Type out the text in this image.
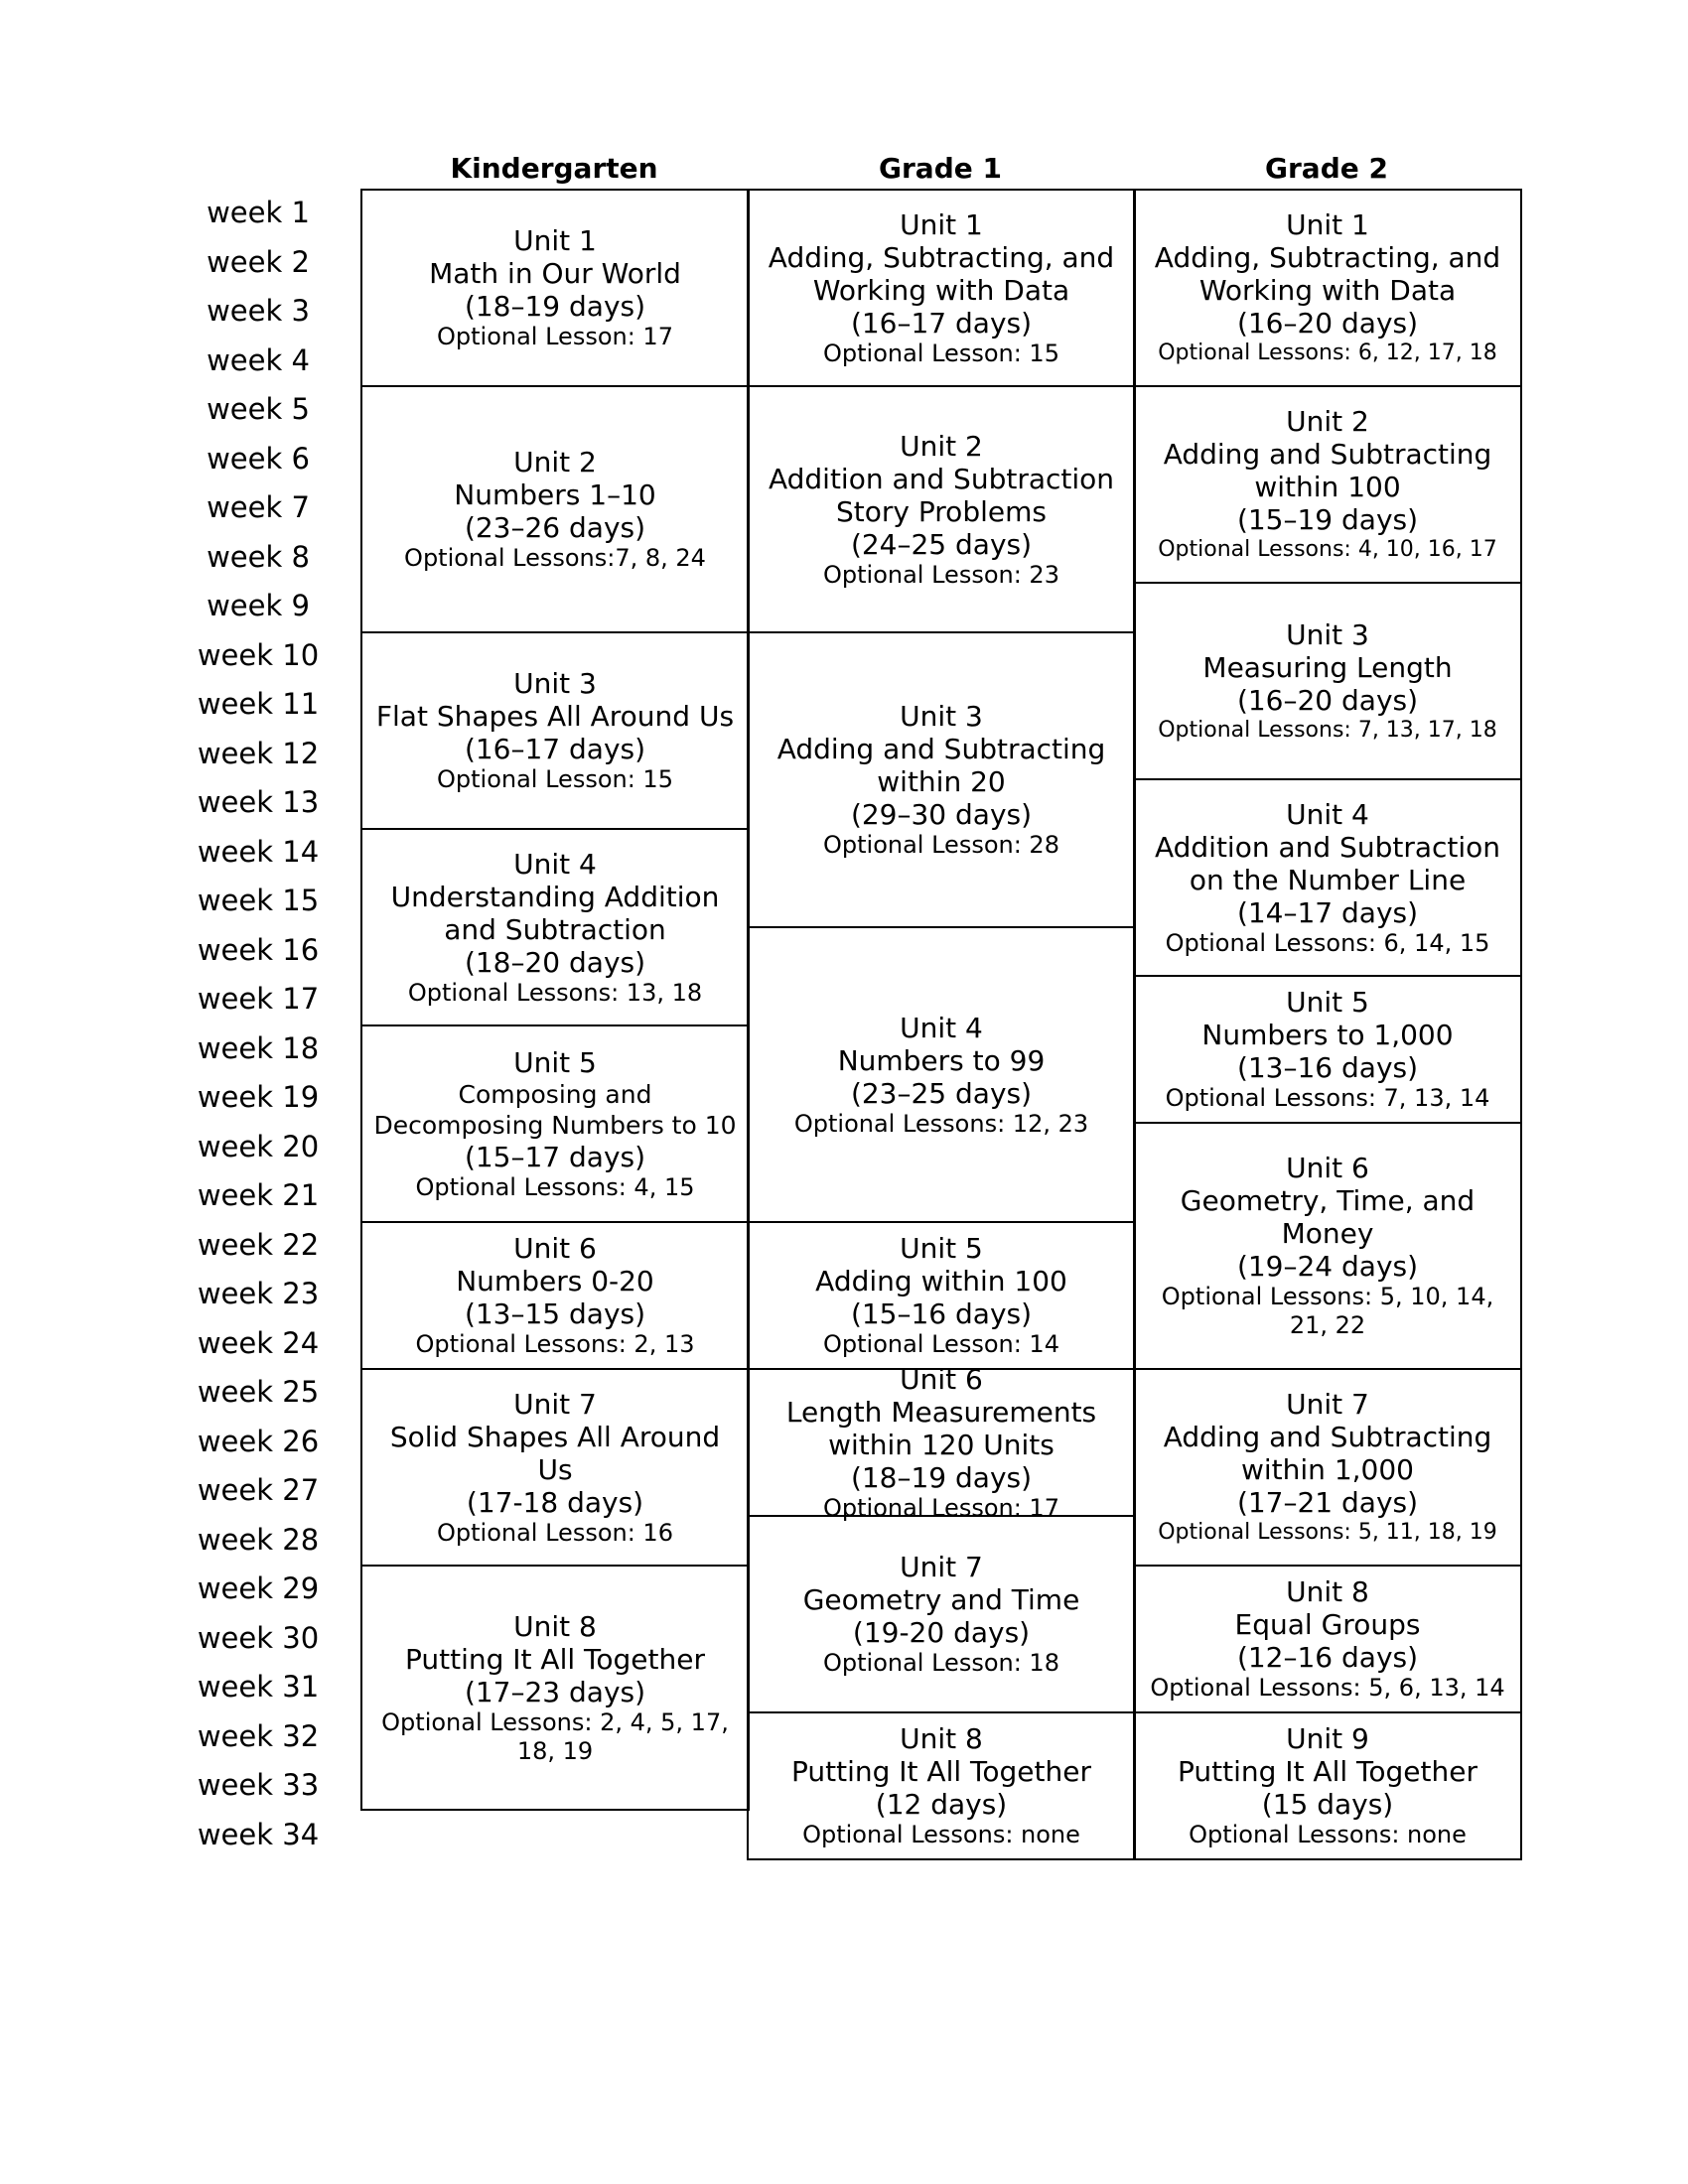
Kindergarten	Grade 1	Grade 2
week 1
week 2
week 3
week 4
week 5
week 6
week 7
week 8
week 9
week 10
week 11
week 12
week 13
week 14
week 15
week 16
week 17
week 18
week 19
week 20
week 21
week 22
week 23
week 24
week 25
week 26
week 27
week 28
week 29
week 30
week 31
week 32
week 33
week 34
Unit 1
Math in Our World
(18–19 days)
Optional Lesson: 17
Unit 2
Numbers 1–10
(23–26 days)
Optional Lessons:7, 8, 24
Unit 3
Flat Shapes All Around Us
(16–17 days)
Optional Lesson: 15
Unit 4
Understanding Addition and Subtraction
(18–20 days)
Optional Lessons: 13, 18
Unit 5
Composing and Decomposing Numbers to 10
(15–17 days)
Optional Lessons: 4, 15
Unit 6
Numbers 0-20
(13–15 days)
Optional Lessons: 2, 13
Unit 7
Solid Shapes All Around Us
(17-18 days)
Optional Lesson: 16
Unit 8
Putting It All Together
(17–23 days)
Optional Lessons: 2, 4, 5, 17, 18, 19
Unit 1
Adding, Subtracting, and Working with Data
(16–17 days)
Optional Lesson: 15
Unit 2
Addition and Subtraction Story Problems
(24–25 days)
Optional Lesson: 23
Unit 3
Adding and Subtracting within 20
(29–30 days)
Optional Lesson: 28
Unit 4
Numbers to 99
(23–25 days)
Optional Lessons: 12, 23
Unit 5
Adding within 100
(15–16 days)
Optional Lesson: 14
Unit 6
Length Measurements within 120 Units
(18–19 days)
Optional Lesson: 17
Unit 7
Geometry and Time
(19-20 days)
Optional Lesson: 18
Unit 8
Putting It All Together
(12 days)
Optional Lessons: none
Unit 1
Adding, Subtracting, and Working with Data
(16–20 days)
Optional Lessons: 6, 12, 17, 18
Unit 2
Adding and Subtracting within 100
(15–19 days)
Optional Lessons: 4, 10, 16, 17
Unit 3
Measuring Length
(16–20 days)
Optional Lessons: 7, 13, 17, 18
Unit 4
Addition and Subtraction on the Number Line
(14–17 days)
Optional Lessons: 6, 14, 15
Unit 5
Numbers to 1,000
(13–16 days)
Optional Lessons: 7, 13, 14
Unit 6
Geometry, Time, and Money
(19–24 days)
Optional Lessons: 5, 10, 14, 21, 22
Unit 7
Adding and Subtracting within 1,000
(17–21 days)
Optional Lessons: 5, 11, 18, 19
Unit 8
Equal Groups
(12–16 days)
Optional Lessons: 5, 6, 13, 14
Unit 9
Putting It All Together
(15 days)
Optional Lessons: none
